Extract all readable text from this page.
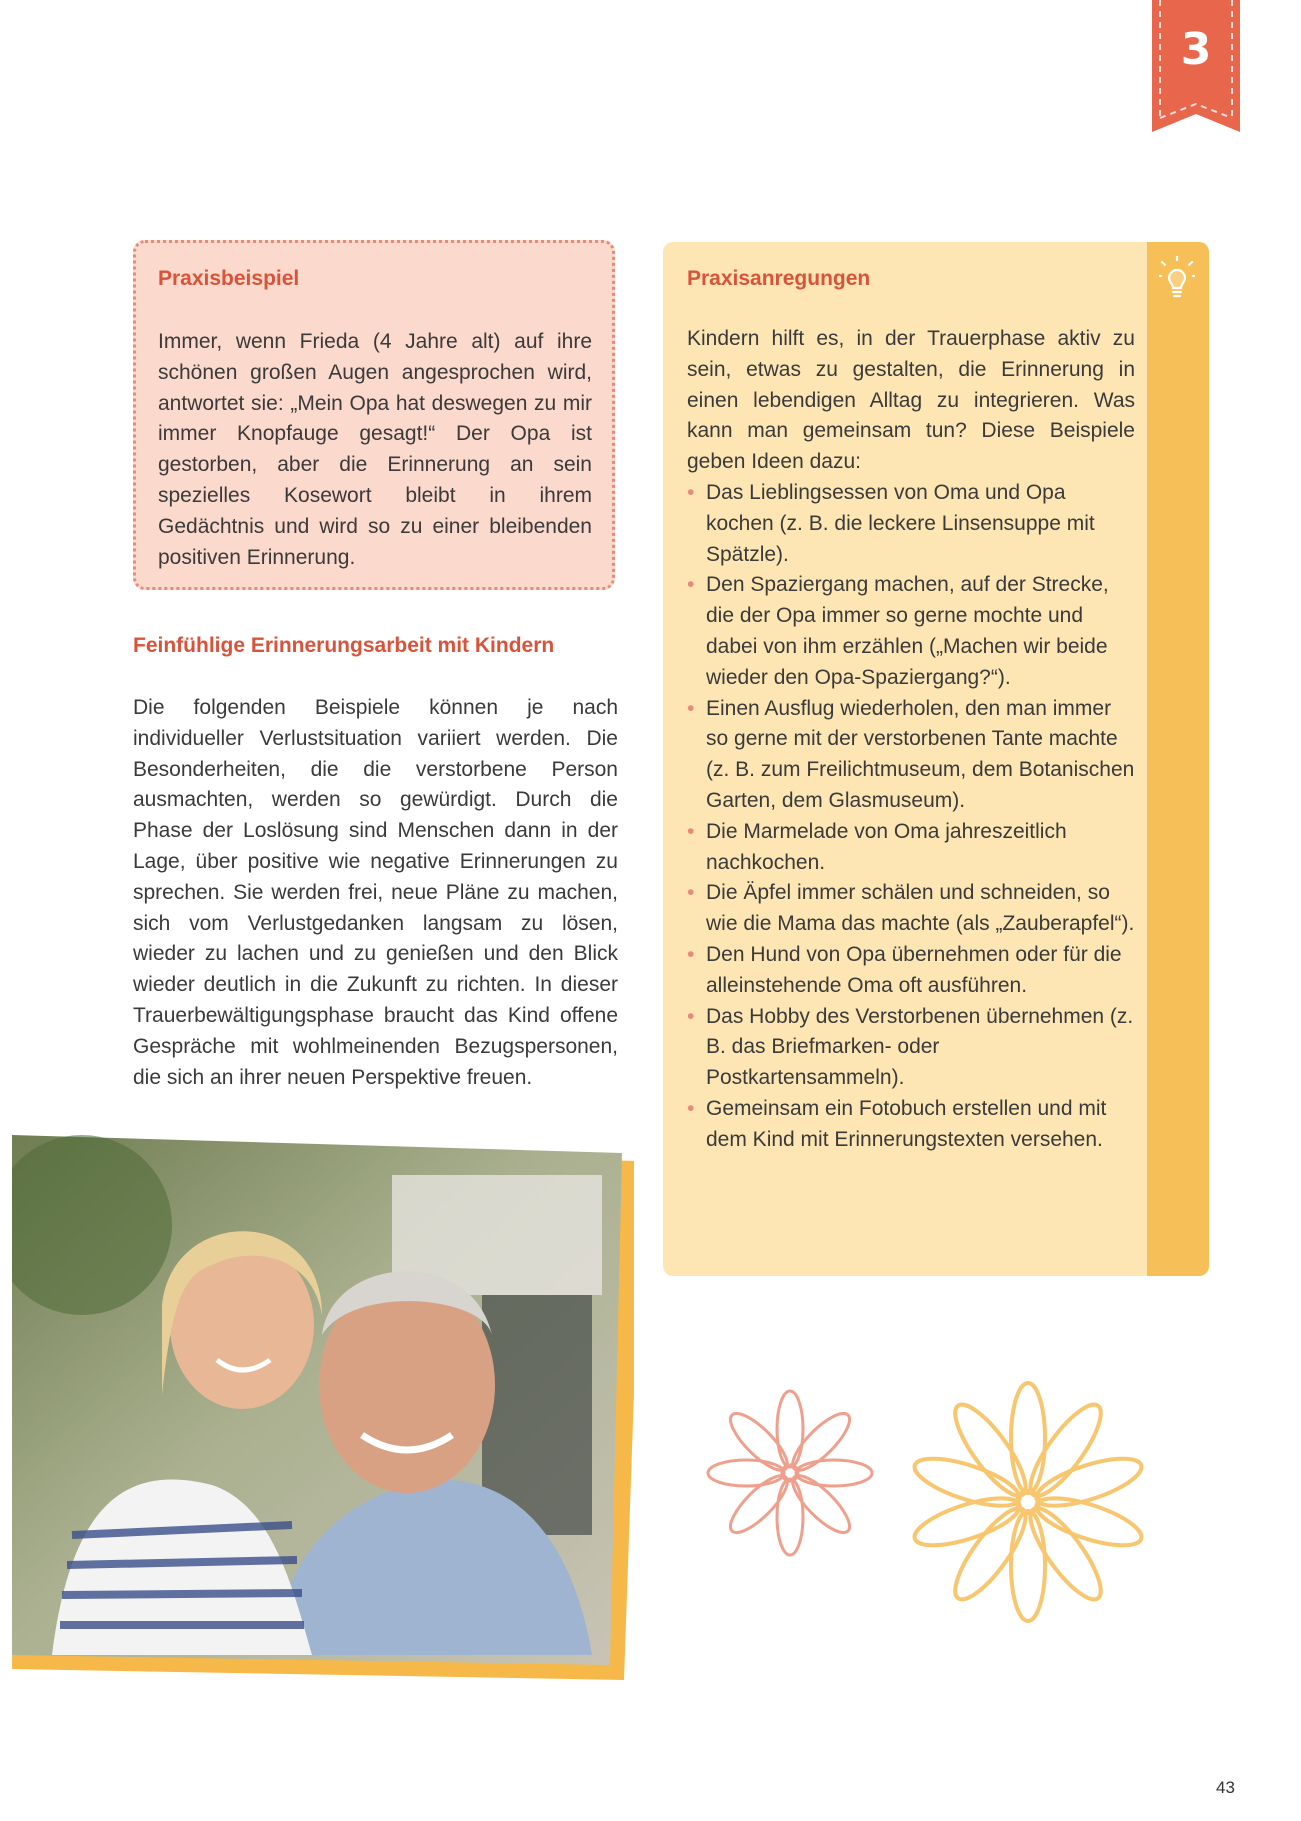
3
Praxisbeispiel
Immer, wenn Frieda (4 Jahre alt) auf ihre schönen großen Augen angesprochen wird, antwortet sie: „Mein Opa hat deswegen zu mir immer Knopfauge gesagt!“ Der Opa ist gestorben, aber die Erinnerung an sein spezielles Kosewort bleibt in ihrem Gedächtnis und wird so zu einer bleibenden positiven Erinnerung.
Feinfühlige Erinnerungsarbeit mit Kindern
Die folgenden Beispiele können je nach individueller Verlustsituation variiert werden. Die Besonderheiten, die die verstorbene Person ausmachten, werden so gewürdigt. Durch die Phase der Loslösung sind Menschen dann in der Lage, über positive wie negative Erinnerungen zu sprechen. Sie werden frei, neue Pläne zu machen, sich vom Verlustgedanken langsam zu lösen, wieder zu lachen und zu genießen und den Blick wieder deutlich in die Zukunft zu richten. In dieser Trauerbewältigungsphase braucht das Kind offene Gespräche mit wohlmeinenden Bezugspersonen, die sich an ihrer neuen Perspektive freuen.
Praxisanregungen
Kindern hilft es, in der Trauerphase aktiv zu sein, etwas zu gestalten, die Erinnerung in einen lebendigen Alltag zu integrieren. Was kann man gemeinsam tun? Diese Beispiele geben Ideen dazu:
• Das Lieblingsessen von Oma und Opa kochen (z. B. die leckere Linsensuppe mit Spätzle).
• Den Spaziergang machen, auf der Strecke, die der Opa immer so gerne mochte und dabei von ihm erzählen („Machen wir beide wieder den Opa-Spaziergang?“).
• Einen Ausflug wiederholen, den man immer so gerne mit der verstorbenen Tante machte (z. B. zum Freilichtmuseum, dem Botanischen Garten, dem Glasmuseum).
• Die Marmelade von Oma jahreszeitlich nachkochen.
• Die Äpfel immer schälen und schneiden, so wie die Mama das machte (als „Zauberapfel“).
• Den Hund von Opa übernehmen oder für die alleinstehende Oma oft ausführen.
• Das Hobby des Verstorbenen übernehmen (z. B. das Briefmarken- oder Postkartensammeln).
• Gemeinsam ein Fotobuch erstellen und mit dem Kind mit Erinnerungstexten versehen.
43
